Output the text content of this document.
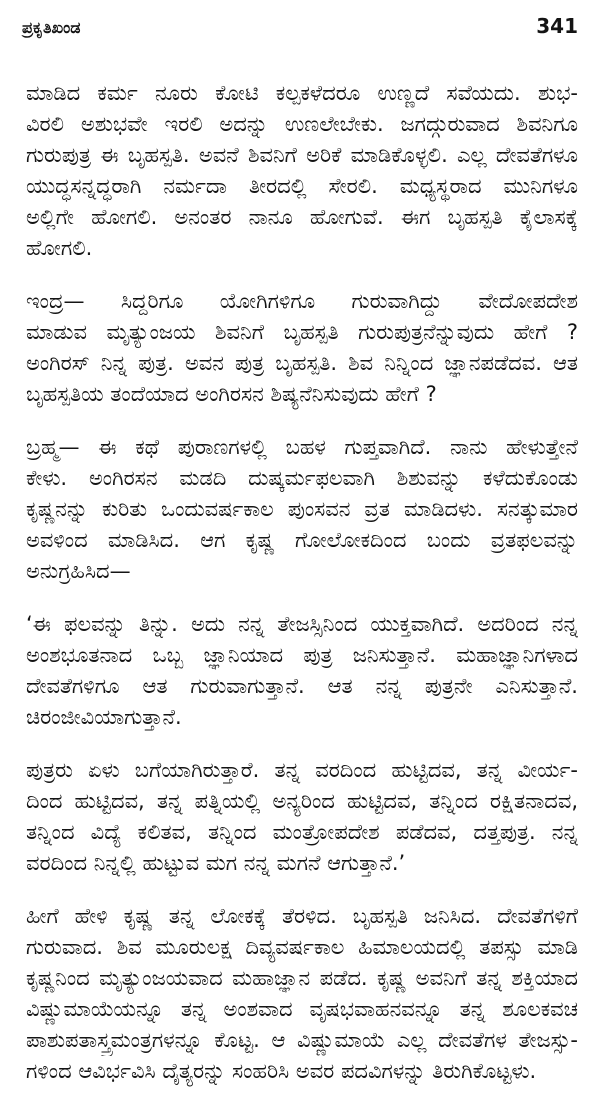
ಪ್ರಕೃತಿಖಂಡ	341
ಮಾಡಿದ ಕರ್ಮ ನೂರು ಕೋಟಿ ಕಲ್ಪಕಳೆದರೂ ಉಣ್ಣದೆ ಸವೆಯದು. ಶುಭ-
ವಿರಲಿ ಅಶುಭವೇ ಇರಲಿ ಅದನ್ನು ಉಣಲೇಬೇಕು. ಜಗದ್ಗುರುವಾದ ಶಿವನಿಗೂ
ಗುರುಪುತ್ರ ಈ ಬೃಹಸ್ಪತಿ. ಅವನೆ ಶಿವನಿಗೆ ಅರಿಕೆ ಮಾಡಿಕೊಳ್ಳಲಿ. ಎಲ್ಲ ದೇವತೆಗಳೂ
ಯುದ್ಧಸನ್ನದ್ಧರಾಗಿ ನರ್ಮದಾ ತೀರದಲ್ಲಿ ಸೇರಲಿ. ಮಧ್ಯಸ್ಥರಾದ ಮುನಿಗಳೂ
ಅಲ್ಲಿಗೇ ಹೋಗಲಿ. ಅನಂತರ ನಾನೂ ಹೋಗುವೆ. ಈಗ ಬೃಹಸ್ಪತಿ ಕೈಲಾಸಕ್ಕೆ
ಹೋಗಲಿ.
ಇಂದ್ರ— ಸಿದ್ದರಿಗೂ ಯೋಗಿಗಳಿಗೂ ಗುರುವಾಗಿದ್ದು ವೇದೋಪದೇಶ
ಮಾಡುವ ಮೃತ್ಯುಂಜಯ ಶಿವನಿಗೆ ಬೃಹಸ್ಪತಿ ಗುರುಪುತ್ರನೆನ್ನುವುದು ಹೇಗೆ ?
ಅಂಗಿರಸ್ ನಿನ್ನ ಪುತ್ರ. ಅವನ ಪುತ್ರ ಬೃಹಸ್ಪತಿ. ಶಿವ ನಿನ್ನಿಂದ ಜ್ಞಾನಪಡೆದವ. ಆತ
ಬೃಹಸ್ಪತಿಯ ತಂದೆಯಾದ ಅಂಗಿರಸನ ಶಿಷ್ಯನೆನಿಸುವುದು ಹೇಗೆ ?
ಬ್ರಹ್ಮ— ಈ ಕಥೆ ಪುರಾಣಗಳಲ್ಲಿ ಬಹಳ ಗುಪ್ತವಾಗಿದೆ. ನಾನು ಹೇಳುತ್ತೇನೆ
ಕೇಳು. ಅಂಗಿರಸನ ಮಡದಿ ದುಷ್ಕರ್ಮಫಲವಾಗಿ ಶಿಶುವನ್ನು ಕಳೆದುಕೊಂಡು
ಕೃಷ್ಣನನ್ನು ಕುರಿತು ಒಂದುವರ್ಷಕಾಲ ಪುಂಸವನ ವ್ರತ ಮಾಡಿದಳು. ಸನತ್ಕುಮಾರ
ಅವಳಿಂದ ಮಾಡಿಸಿದ. ಆಗ ಕೃಷ್ಣ ಗೋಲೋಕದಿಂದ ಬಂದು ವ್ರತಫಲವನ್ನು
ಅನುಗ್ರಹಿಸಿದ—
‘ಈ ಫಲವನ್ನು ತಿನ್ನು. ಅದು ನನ್ನ ತೇಜಸ್ಸಿನಿಂದ ಯುಕ್ತವಾಗಿದೆ. ಅದರಿಂದ ನನ್ನ
ಅಂಶಭೂತನಾದ ಒಬ್ಬ ಜ್ಞಾನಿಯಾದ ಪುತ್ರ ಜನಿಸುತ್ತಾನೆ. ಮಹಾಜ್ಞಾನಿಗಳಾದ
ದೇವತೆಗಳಿಗೂ ಆತ ಗುರುವಾಗುತ್ತಾನೆ. ಆತ ನನ್ನ ಪುತ್ರನೇ ಎನಿಸುತ್ತಾನೆ.
ಚಿರಂಜೀವಿಯಾಗುತ್ತಾನೆ.
ಪುತ್ರರು ಏಳು ಬಗೆಯಾಗಿರುತ್ತಾರೆ. ತನ್ನ ವರದಿಂದ ಹುಟ್ಟಿದವ, ತನ್ನ ವೀರ್ಯ-
ದಿಂದ ಹುಟ್ಟಿದವ, ತನ್ನ ಪತ್ನಿಯಲ್ಲಿ ಅನ್ಯರಿಂದ ಹುಟ್ಟಿದವ, ತನ್ನಿಂದ ರಕ್ಷಿತನಾದವ,
ತನ್ನಿಂದ ವಿದ್ಯೆ ಕಲಿತವ, ತನ್ನಿಂದ ಮಂತ್ರೋಪದೇಶ ಪಡೆದವ, ದತ್ತಪುತ್ರ. ನನ್ನ
ವರದಿಂದ ನಿನ್ನಲ್ಲಿ ಹುಟ್ಟುವ ಮಗ ನನ್ನ ಮಗನೆ ಆಗುತ್ತಾನೆ.’
ಹೀಗೆ ಹೇಳಿ ಕೃಷ್ಣ ತನ್ನ ಲೋಕಕ್ಕೆ ತೆರಳಿದ. ಬೃಹಸ್ಪತಿ ಜನಿಸಿದ. ದೇವತೆಗಳಿಗೆ
ಗುರುವಾದ. ಶಿವ ಮೂರುಲಕ್ಷ ದಿವ್ಯವರ್ಷಕಾಲ ಹಿಮಾಲಯದಲ್ಲಿ ತಪಸ್ಸು ಮಾಡಿ
ಕೃಷ್ಣನಿಂದ ಮೃತ್ಯುಂಜಯವಾದ ಮಹಾಜ್ಞಾನ ಪಡೆದ. ಕೃಷ್ಣ ಅವನಿಗೆ ತನ್ನ ಶಕ್ತಿಯಾದ
ವಿಷ್ಣುಮಾಯೆಯನ್ನೂ ತನ್ನ ಅಂಶವಾದ ವೃಷಭವಾಹನವನ್ನೂ ತನ್ನ ಶೂಲಕವಚ
ಪಾಶುಪತಾಸ್ತ್ರಮಂತ್ರಗಳನ್ನೂ ಕೊಟ್ಟ. ಆ ವಿಷ್ಣುಮಾಯೆ ಎಲ್ಲ ದೇವತೆಗಳ ತೇಜಸ್ಸು-
ಗಳಿಂದ ಆವಿರ್ಭವಿಸಿ ದೈತ್ಯರನ್ನು ಸಂಹರಿಸಿ ಅವರ ಪದವಿಗಳನ್ನು ತಿರುಗಿಕೊಟ್ಟಳು.
